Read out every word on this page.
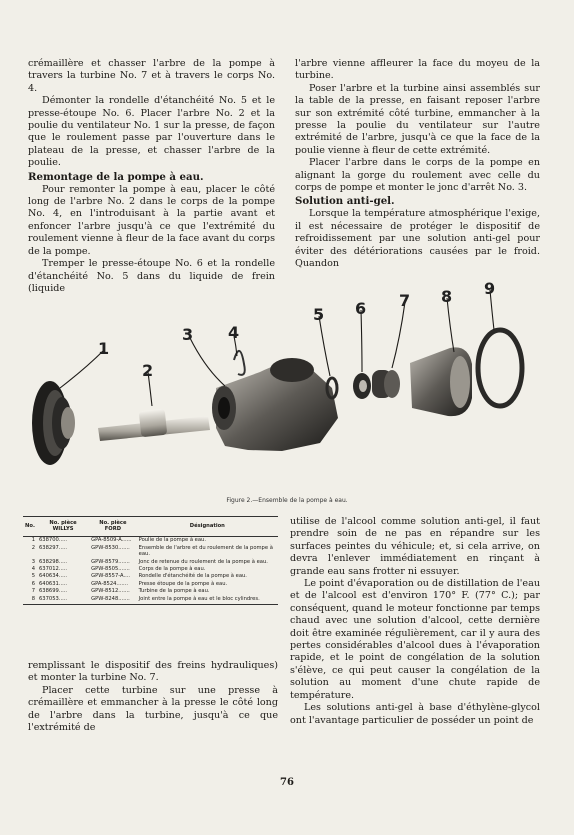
crémaillère et chasser l'arbre de la pompe à travers la turbine No. 7 et à travers le corps No. 4.

Démonter la rondelle d'étanchéité No. 5 et le presse-étoupe No. 6. Placer l'arbre No. 2 et la poulie du ventilateur No. 1 sur la presse, de façon que le roulement passe par l'ouverture dans le plateau de la presse, et chasser l'arbre de la poulie.

Remontage de la pompe à eau.

Pour remonter la pompe à eau, placer le côté long de l'arbre No. 2 dans le corps de la pompe No. 4, en l'introduisant à la partie avant et enfoncer l'arbre jusqu'à ce que l'extrémité du roulement vienne à fleur de la face avant du corps de la pompe.

Tremper le presse-étoupe No. 6 et la rondelle d'étanchéité No. 5 dans du liquide de frein (liquide

l'arbre vienne affleurer la face du moyeu de la turbine.

Poser l'arbre et la turbine ainsi assemblés sur la table de la presse, en faisant reposer l'arbre sur son extrémité côté turbine, emmancher à la presse la poulie du ventilateur sur l'autre extrémité de l'arbre, jusqu'à ce que la face de la poulie vienne à fleur de cette extrémité.

Placer l'arbre dans le corps de la pompe en alignant la gorge du roulement avec celle du corps de pompe et monter le jonc d'arrêt No. 3.

Solution anti-gel.

Lorsque la température atmosphérique l'exige, il est nécessaire de protéger le dispositif de refroidissement par une solution anti-gel pour éviter des détériorations causées par le froid. Quandon

1
2
3 4
5 6 7 8 9
Figure 2.—Ensemble de la pompe à eau.
No.	No. pièce WILLYS	No. pièce FORD	Désignation
1	638700.....	GPA-8509-A......	Poulie de la pompe à eau.
2	638297.....	GPW-8530.......	Ensemble de l'arbre et du roulement de la pompe à eau.
3	638298.....	GPW-8579.......	Jonc de retenue du roulement de la pompe à eau.
4	637012.....	GPW-8505.......	Corps de la pompe à eau.
5	640634.....	GPW-8557-A....	Rondelle d'étanchéité de la pompe à eau.
6	640631.....	GPA-8524.......	Presse étoupe de la pompe à eau.
7	638699.....	GPW-8512.......	Turbine de la pompe à eau.
8	637053.....	GPW-8248.......	Joint entre la pompe à eau et le bloc cylindres.

utilise de l'alcool comme solution anti-gel, il faut prendre soin de ne pas en répandre sur les surfaces peintes du véhicule; et, si cela arrive, on devra l'enlever immédiatement en rinçant à grande eau sans frotter ni essuyer.

Le point d'évaporation ou de distillation de l'eau et de l'alcool est d'environ 170° F. (77° C.); par conséquent, quand le moteur fonctionne par temps chaud avec une solution d'alcool, cette dernière doit être examinée régulièrement, car il y aura des pertes considérables d'alcool dues à l'évaporation rapide, et le point de congélation de la solution s'élève, ce qui peut causer la congélation de la solution au moment d'une chute rapide de température.

Les solutions anti-gel à base d'éthylène-glycol ont l'avantage particulier de posséder un point de

remplissant le dispositif des freins hydrauliques) et monter la turbine No. 7.

Placer cette turbine sur une presse à crémaillère et emmancher à la presse le côté long de l'arbre dans la turbine, jusqu'à ce que l'extrémité de

76
